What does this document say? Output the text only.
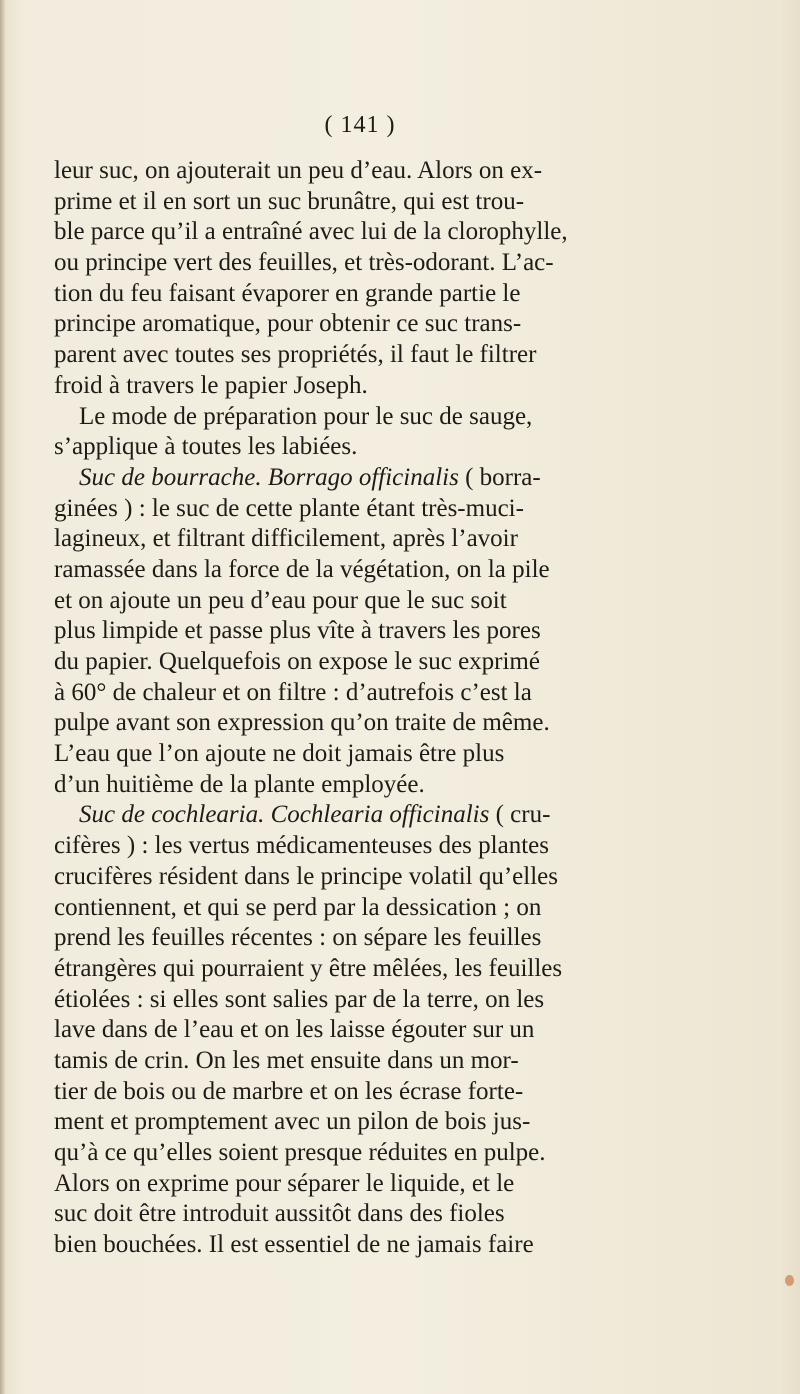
( 141 )
leur suc, on ajouterait un peu d’eau. Alors on ex-
prime et il en sort un suc brunâtre, qui est trou-
ble parce qu’il a entraîné avec lui de la clorophylle,
ou principe vert des feuilles, et très-odorant. L’ac-
tion du feu faisant évaporer en grande partie le
principe aromatique, pour obtenir ce suc trans-
parent avec toutes ses propriétés, il faut le filtrer
froid à travers le papier Joseph.
Le mode de préparation pour le suc de sauge,
s’applique à toutes les labiées.
Suc de bourrache. Borrago officinalis ( borra-
ginées ) : le suc de cette plante étant très-muci-
lagineux, et filtrant difficilement, après l’avoir
ramassée dans la force de la végétation, on la pile
et on ajoute un peu d’eau pour que le suc soit
plus limpide et passe plus vîte à travers les pores
du papier. Quelquefois on expose le suc exprimé
à 60° de chaleur et on filtre : d’autrefois c’est la
pulpe avant son expression qu’on traite de même.
L’eau que l’on ajoute ne doit jamais être plus
d’un huitième de la plante employée.
Suc de cochlearia. Cochlearia officinalis ( cru-
cifères ) : les vertus médicamenteuses des plantes
crucifères résident dans le principe volatil qu’elles
contiennent, et qui se perd par la dessication ; on
prend les feuilles récentes : on sépare les feuilles
étrangères qui pourraient y être mêlées, les feuilles
étiolées : si elles sont salies par de la terre, on les
lave dans de l’eau et on les laisse égouter sur un
tamis de crin. On les met ensuite dans un mor-
tier de bois ou de marbre et on les écrase forte-
ment et promptement avec un pilon de bois jus-
qu’à ce qu’elles soient presque réduites en pulpe.
Alors on exprime pour séparer le liquide, et le
suc doit être introduit aussitôt dans des fioles
bien bouchées. Il est essentiel de ne jamais faire
